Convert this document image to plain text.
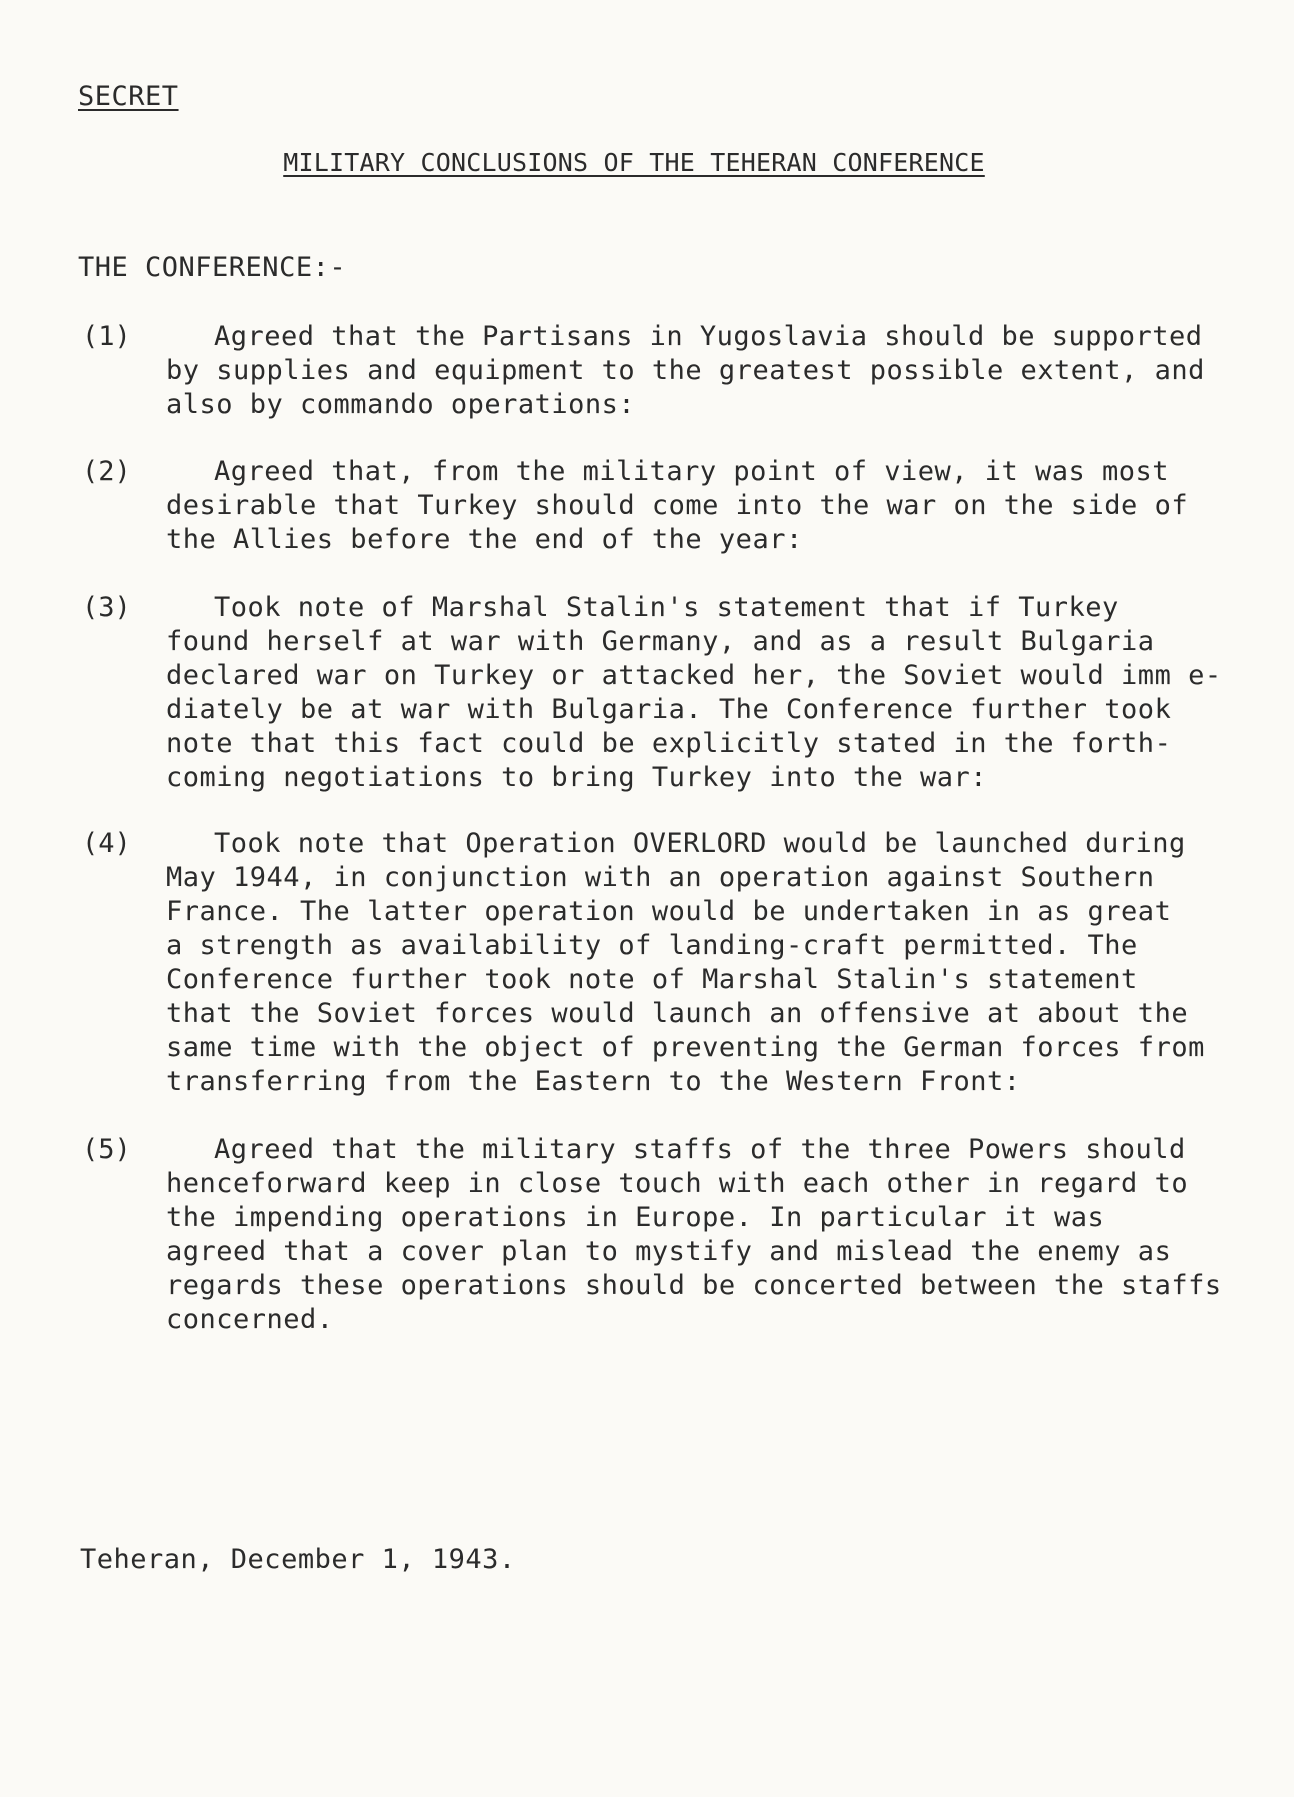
SECRET
MILITARY CONCLUSIONS OF THE TEHERAN CONFERENCE
THE CONFERENCE:-
(1)	Agreed that the Partisans in Yugoslavia should be supported
by supplies and equipment to the greatest possible extent, and
also by commando operations:
(2)	Agreed that, from the military point of view, it was most
desirable that Turkey should come into the war on the side of
the Allies before the end of the year:
(3)	Took note of Marshal Stalin's statement that if Turkey
found herself at war with Germany, and as a result Bulgaria
declared war on Turkey or attacked her, the Soviet would imm e-
diately be at war with Bulgaria. The Conference further took
note that this fact could be explicitly stated in the forth-
coming negotiations to bring Turkey into the war:
(4)	Took note that Operation OVERLORD would be launched during
May 1944, in conjunction with an operation against Southern
France. The latter operation would be undertaken in as great
a strength as availability of landing-craft permitted. The
Conference further took note of Marshal Stalin's statement
that the Soviet forces would launch an offensive at about the
same time with the object of preventing the German forces from
transferring from the Eastern to the Western Front:
(5)	Agreed that the military staffs of the three Powers should
henceforward keep in close touch with each other in regard to
the impending operations in Europe. In particular it was
agreed that a cover plan to mystify and mislead the enemy as
regards these operations should be concerted between the staffs
concerned.
Teheran, December 1, 1943.
